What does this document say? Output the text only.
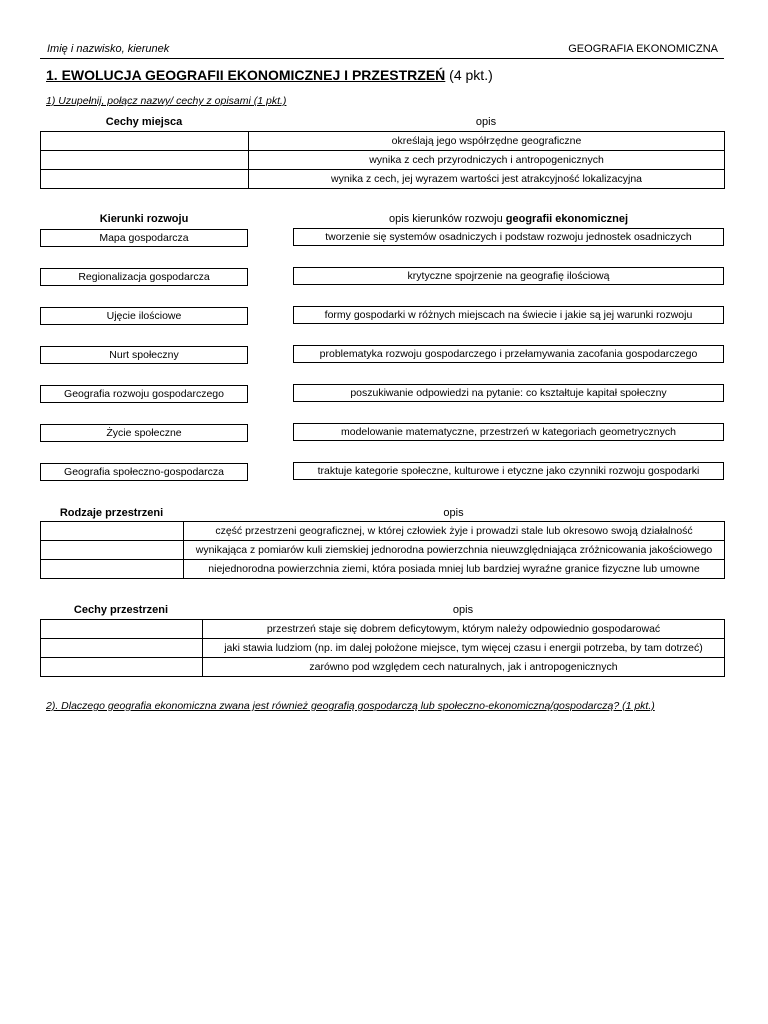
Imię i nazwisko, kierunek	GEOGRAFIA EKONOMICZNA
1. EWOLUCJA GEOGRAFII EKONOMICZNEJ I PRZESTRZEŃ (4 pkt.)
1) Uzupełnij, połącz nazwy/ cechy z opisami (1 pkt.)
Cechy miejsca	opis
	określają jego współrzędne geograficzne
	wynika z cech przyrodniczych i antropogenicznych
	wynika z cech, jej wyrazem wartości jest atrakcyjność lokalizacyjna
Kierunki rozwoju	opis kierunków rozwoju geografii ekonomicznej
Mapa gospodarcza	tworzenie się systemów osadniczych i podstaw rozwoju jednostek osadniczych
Regionalizacja gospodarcza	krytyczne spojrzenie na geografię ilościową
Ujęcie ilościowe	formy gospodarki w różnych miejscach na świecie i jakie są jej warunki rozwoju
Nurt społeczny	problematyka rozwoju gospodarczego i przełamywania zacofania gospodarczego
Geografia rozwoju gospodarczego	poszukiwanie odpowiedzi na pytanie: co kształtuje kapitał społeczny
Życie społeczne	modelowanie matematyczne, przestrzeń w kategoriach geometrycznych
Geografia społeczno-gospodarcza	traktuje kategorie społeczne, kulturowe i etyczne jako czynniki rozwoju gospodarki
Rodzaje przestrzeni	opis
	część przestrzeni geograficznej, w której człowiek żyje i prowadzi stale lub okresowo swoją działalność
	wynikająca z pomiarów kuli ziemskiej jednorodna powierzchnia nieuwzględniająca zróżnicowania jakościowego
	niejednorodna powierzchnia ziemi, która posiada mniej lub bardziej wyraźne granice fizyczne lub umowne
Cechy przestrzeni	opis
	przestrzeń staje się dobrem deficytowym, którym należy odpowiednio gospodarować
	jaki stawia ludziom (np. im dalej położone miejsce, tym więcej czasu i energii potrzeba, by tam dotrzeć)
	zarówno pod względem cech naturalnych, jak i antropogenicznych
2). Dlaczego geografia ekonomiczna zwana jest również geografią gospodarczą lub społeczno-ekonomiczną/gospodarczą? (1 pkt.)
